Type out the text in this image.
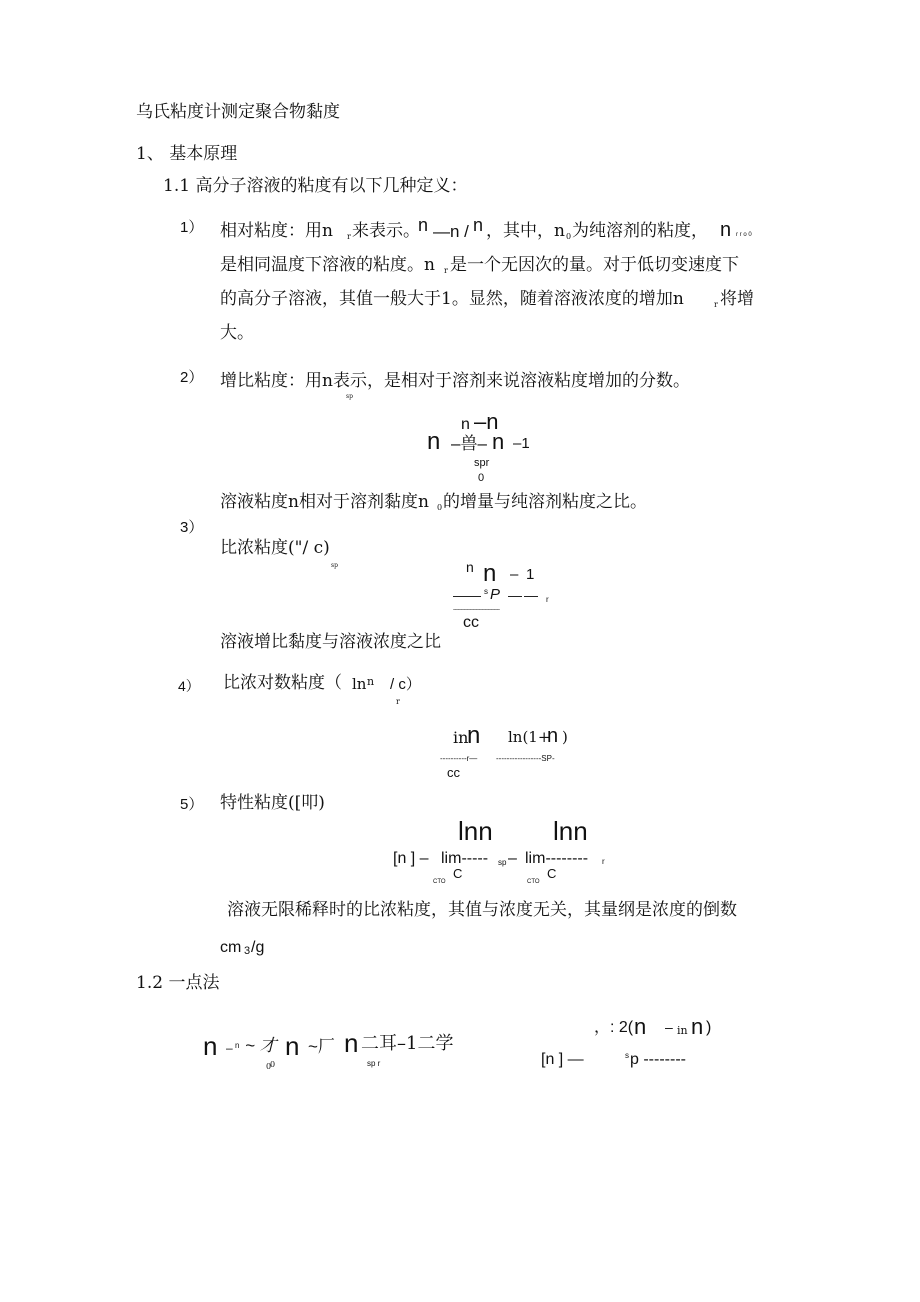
乌氏粘度计测定聚合物黏度
1、 基本原理
1.1 高分子溶液的粘度有以下几种定义：
1） 相对粘度：用n r 来表示。
n —n / n ，其中，n 0 为纯溶剂的粘度， n r r o 0
是相同温度下溶液的粘度。n r 是一个无因次的量。对于低切变速度下
的高分子溶液，其值一般大于1。显然，随着溶液浓度的增加n	r 将增
大。
2） 增比粘度：用n表示，是相对于溶剂来说溶液粘度增加的分数。
sp
n –n
n –兽– n –1
spr
0
溶液粘度n相对于溶剂黏度n 0 的增量与纯溶剂粘度之比。
3）
比浓粘度("/ c)
sp	n n – 1
—— s P — — r
-------------------------------
cc
溶液增比黏度与溶液浓度之比
4） 比浓对数粘度（ ln n / c）
r
in
n ln(1+
n )
----------r— -----------------SP-
cc
5） 特性粘度([叩)
lnn lnn
[n ] – lim----- sp – lim-------- r
CTO
C
CTO
C
溶液无限稀释时的比浓粘度，其值与浓度无关，其量纲是浓度的倒数
cm 3 /g
1.2 一点法
n – n ~ 才 n ~厂 n 二耳–1二学
0
0	sp r
，: 2( n – in n )
[n ] —	s p --------
